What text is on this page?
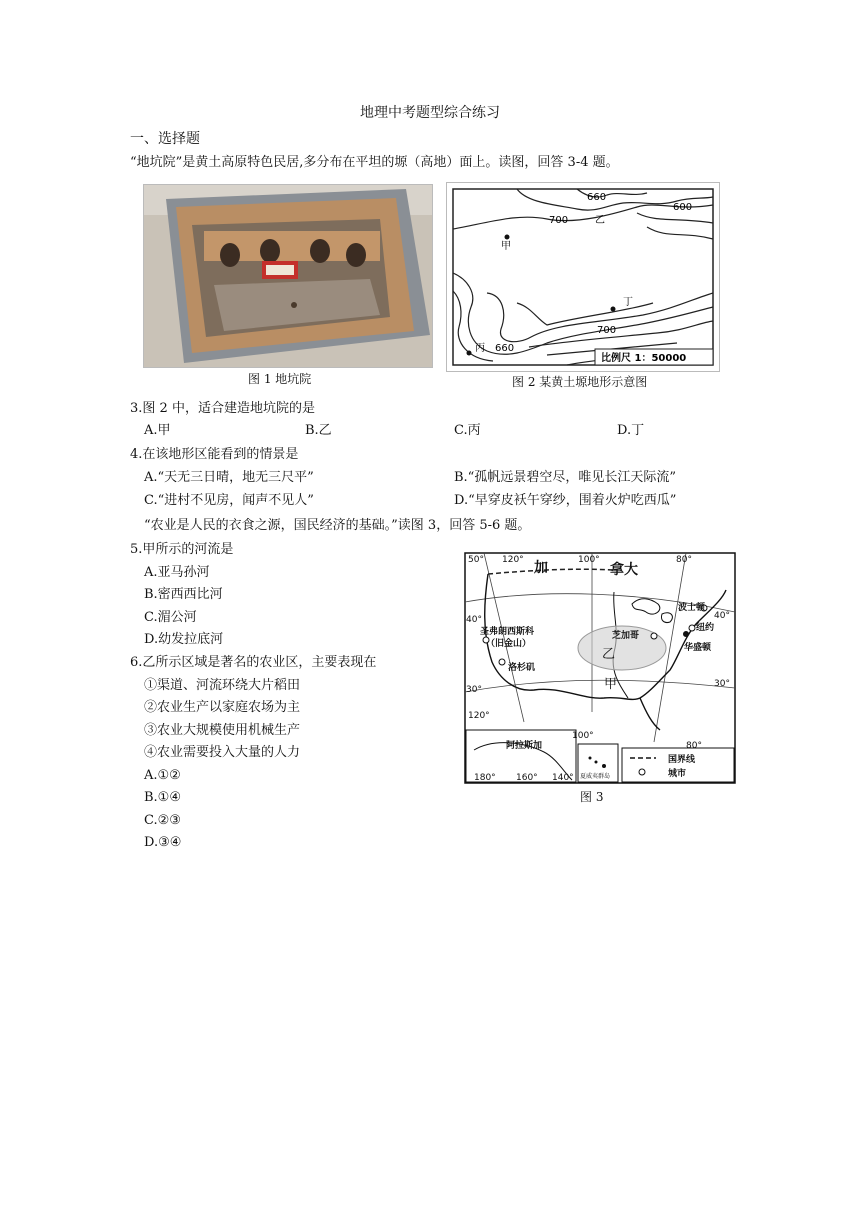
地理中考题型综合练习
一、选择题
“地坑院”是黄土高原特色民居,多分布在平坦的塬（高地）面上。读图，回答 3-4 题。
图 1 地坑院
660
600
700
700
660
甲
乙
丁
丙
比例尺 1：50000
图 2 某黄土塬地形示意图
3.图 2 中，适合建造地坑院的是
A.甲	B.乙	C.丙	D.丁
4.在该地形区能看到的情景是
A.“天无三日晴，地无三尺平”	B.“孤帆远景碧空尽，唯见长江天际流”
C.“进村不见房，闻声不见人”	D.“早穿皮袄午穿纱，围着火炉吃西瓜”
“农业是人民的衣食之源，国民经济的基础。”读图 3，回答 5-6 题。
5.甲所示的河流是
A.亚马孙河
B.密西西比河
C.湄公河
D.幼发拉底河
6.乙所示区域是著名的农业区，主要表现在
①渠道、河流环绕大片稻田
②农业生产以家庭农场为主
③农业大规模使用机械生产
④农业需要投入大量的人力
A.①②
B.①④
C.②③
D.③④
加	拿大
波士顿
纽约
华盛顿
芝加哥
圣弗朗西斯科
（旧金山）
洛杉矶
阿拉斯加
乙
甲
50° 120°	100°	80°
40°	40°
30°
30°
120°
100°
80°
180° 160° 140° 夏威夷群岛
国界线
城市
图 3
